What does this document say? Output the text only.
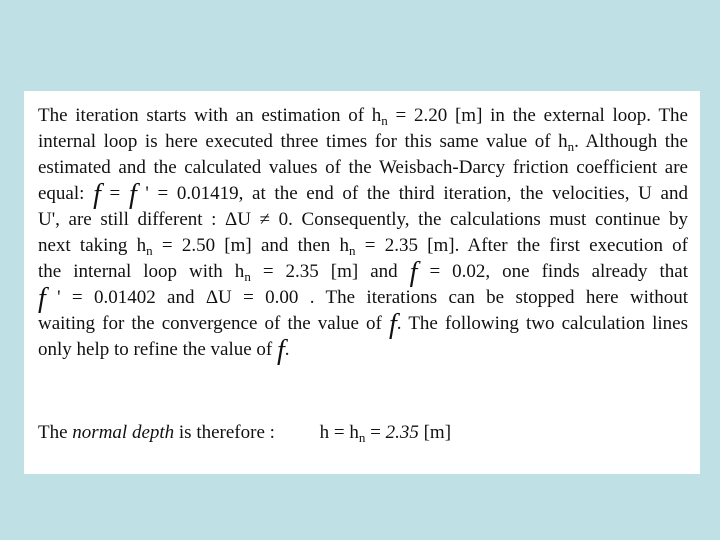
The iteration starts with an estimation of $h_n = 2.20$ [m] in the external loop. The
internal loop is here executed three times for this same value of $h_n$. Although the
estimated and the calculated values of the Weisbach-Darcy friction coefficient are
equal: f = f ' = 0.01419, at the end of the third iteration, the velocities, U and
U', are still different : ΔU ≠ 0. Consequently, the calculations must continue by
next taking $h_n = 2.50$ [m] and then $h_n = 2.35$ [m]. After the first execution of
the internal loop with $h_n = 2.35$ [m] and f = 0.02, one finds already that
f ' = 0.01402 and ΔU = 0.00 . The iterations can be stopped here without
waiting for the convergence of the value of f. The following two calculation lines
only help to refine the value of f.
The normal depth is therefore : $h = h_n = 2.35$ [m]
